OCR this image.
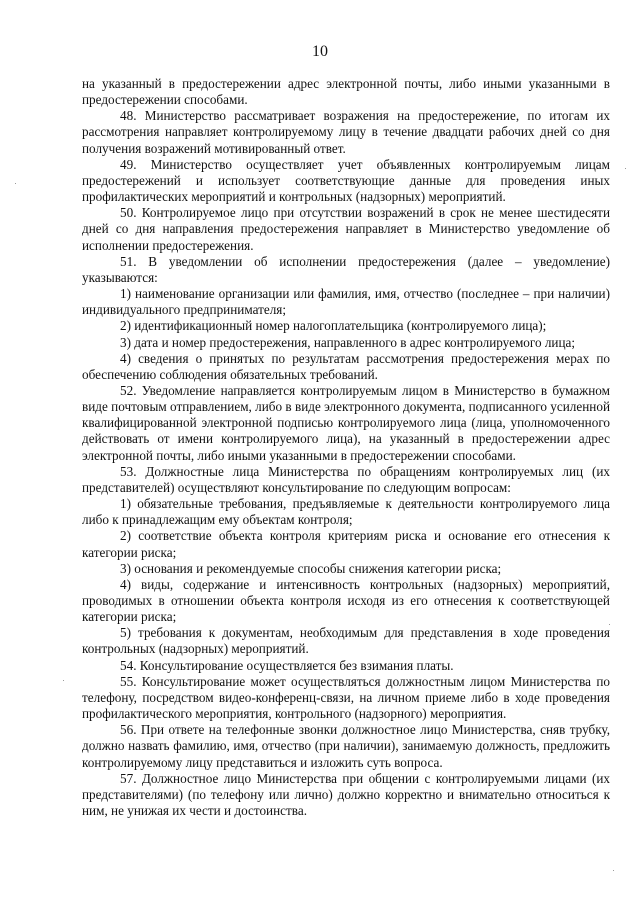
10

на указанный в предостережении адрес электронной почты, либо иными указанными в предостережении способами.

48. Министерство рассматривает возражения на предостережение, по итогам их рассмотрения направляет контролируемому лицу в течение двадцати рабочих дней со дня получения возражений мотивированный ответ.

49. Министерство осуществляет учет объявленных контролируемым лицам предостережений и использует соответствующие данные для проведения иных профилактических мероприятий и контрольных (надзорных) мероприятий.

50. Контролируемое лицо при отсутствии возражений в срок не менее шестидесяти дней со дня направления предостережения направляет в Министерство уведомление об исполнении предостережения.

51. В уведомлении об исполнении предостережения (далее – уведомление) указываются:

1) наименование организации или фамилия, имя, отчество (последнее – при наличии) индивидуального предпринимателя;

2) идентификационный номер налогоплательщика (контролируемого лица);

3) дата и номер предостережения, направленного в адрес контролируемого лица;

4) сведения о принятых по результатам рассмотрения предостережения мерах по обеспечению соблюдения обязательных требований.

52. Уведомление направляется контролируемым лицом в Министерство в бумажном виде почтовым отправлением, либо в виде электронного документа, подписанного усиленной квалифицированной электронной подписью контролируемого лица (лица, уполномоченного действовать от имени контролируемого лица), на указанный в предостережении адрес электронной почты, либо иными указанными в предостережении способами.

53. Должностные лица Министерства по обращениям контролируемых лиц (их представителей) осуществляют консультирование по следующим вопросам:

1) обязательные требования, предъявляемые к деятельности контролируемого лица либо к принадлежащим ему объектам контроля;

2) соответствие объекта контроля критериям риска и основание его отнесения к категории риска;

3) основания и рекомендуемые способы снижения категории риска;

4) виды, содержание и интенсивность контрольных (надзорных) мероприятий, проводимых в отношении объекта контроля исходя из его отнесения к соответствующей категории риска;

5) требования к документам, необходимым для представления в ходе проведения контрольных (надзорных) мероприятий.

54. Консультирование осуществляется без взимания платы.

55. Консультирование может осуществляться должностным лицом Министерства по телефону, посредством видео-конференц-связи, на личном приеме либо в ходе проведения профилактического мероприятия, контрольного (надзорного) мероприятия.

56. При ответе на телефонные звонки должностное лицо Министерства, сняв трубку, должно назвать фамилию, имя, отчество (при наличии), занимаемую должность, предложить контролируемому лицу представиться и изложить суть вопроса.

57. Должностное лицо Министерства при общении с контролируемыми лицами (их представителями) (по телефону или лично) должно корректно и внимательно относиться к ним, не унижая их чести и достоинства.
